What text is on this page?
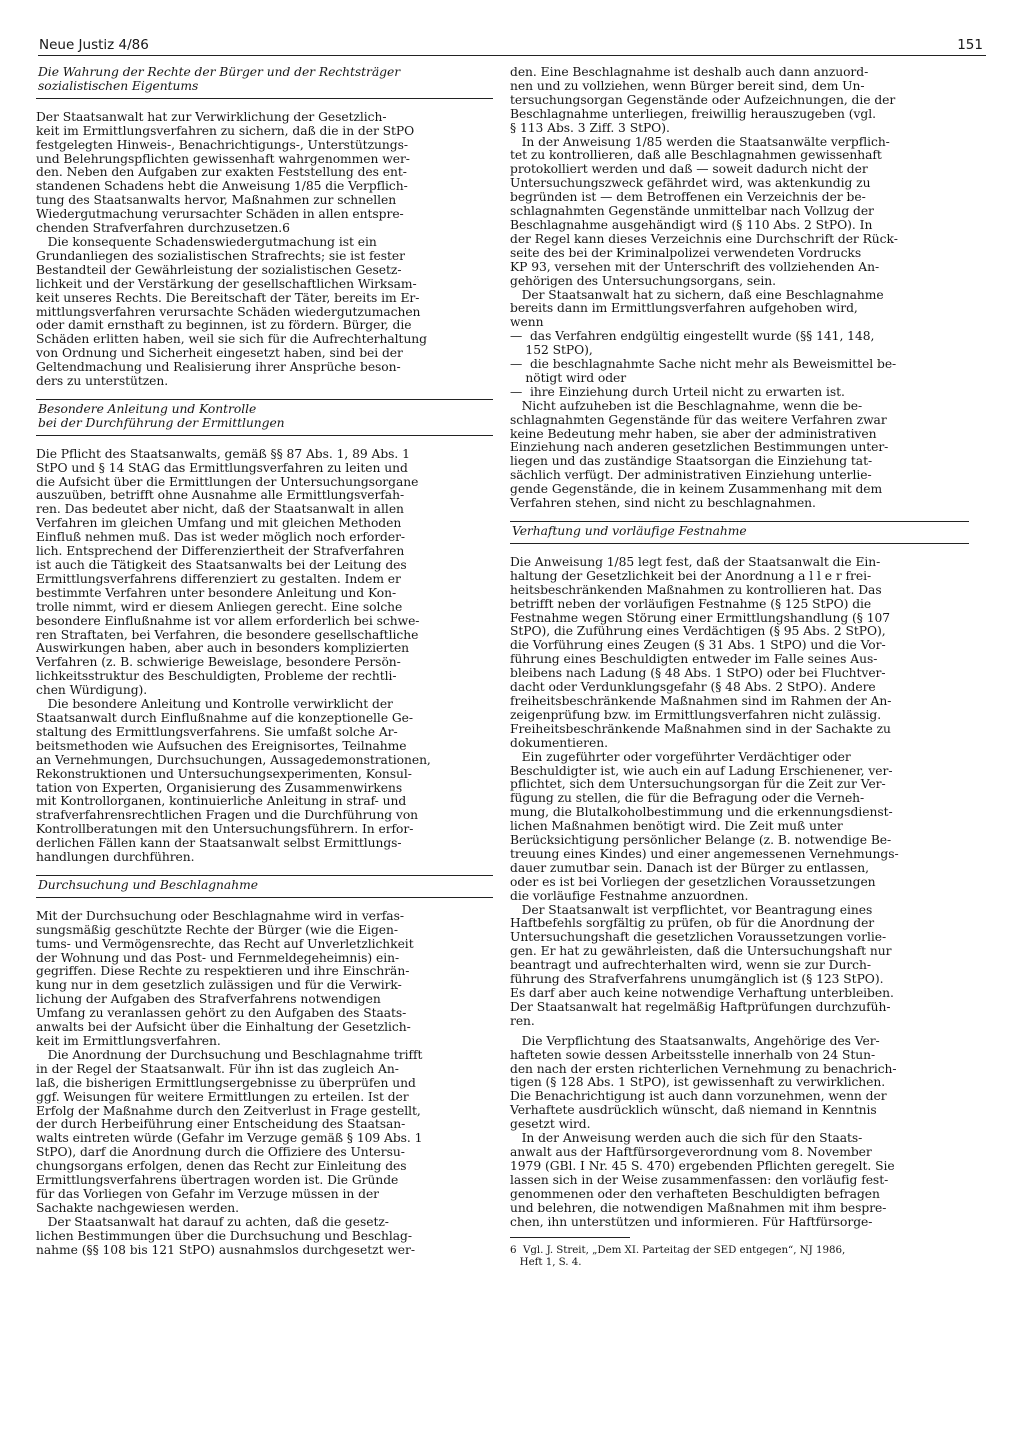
Neue Justiz 4/86	151
Die Wahrung der Rechte der Bürger und der Rechtsträger
sozialistischen Eigentums
Der Staatsanwalt hat zur Verwirklichung der Gesetzlich-
keit im Ermittlungsverfahren zu sichern, daß die in der StPO
festgelegten Hinweis-, Benachrichtigungs-, Unterstützungs-
und Belehrungspflichten gewissenhaft wahrgenommen wer-
den. Neben den Aufgaben zur exakten Feststellung des ent-
standenen Schadens hebt die Anweisung 1/85 die Verpflich-
tung des Staatsanwalts hervor, Maßnahmen zur schnellen
Wiedergutmachung verursachter Schäden in allen entspre-
chenden Strafverfahren durchzusetzen.6
Die konsequente Schadenswiedergutmachung ist ein
Grundanliegen des sozialistischen Strafrechts; sie ist fester
Bestandteil der Gewährleistung der sozialistischen Gesetz-
lichkeit und der Verstärkung der gesellschaftlichen Wirksam-
keit unseres Rechts. Die Bereitschaft der Täter, bereits im Er-
mittlungsverfahren verursachte Schäden wiedergutzumachen
oder damit ernsthaft zu beginnen, ist zu fördern. Bürger, die
Schäden erlitten haben, weil sie sich für die Aufrechterhaltung
von Ordnung und Sicherheit eingesetzt haben, sind bei der
Geltendmachung und Realisierung ihrer Ansprüche beson-
ders zu unterstützen.
Besondere Anleitung und Kontrolle
bei der Durchführung der Ermittlungen
Die Pflicht des Staatsanwalts, gemäß §§ 87 Abs. 1, 89 Abs. 1
StPO und § 14 StAG das Ermittlungsverfahren zu leiten und
die Aufsicht über die Ermittlungen der Untersuchungsorgane
auszuüben, betrifft ohne Ausnahme alle Ermittlungsverfah-
ren. Das bedeutet aber nicht, daß der Staatsanwalt in allen
Verfahren im gleichen Umfang und mit gleichen Methoden
Einfluß nehmen muß. Das ist weder möglich noch erforder-
lich. Entsprechend der Differenziertheit der Strafverfahren
ist auch die Tätigkeit des Staatsanwalts bei der Leitung des
Ermittlungsverfahrens differenziert zu gestalten. Indem er
bestimmte Verfahren unter besondere Anleitung und Kon-
trolle nimmt, wird er diesem Anliegen gerecht. Eine solche
besondere Einflußnahme ist vor allem erforderlich bei schwe-
ren Straftaten, bei Verfahren, die besondere gesellschaftliche
Auswirkungen haben, aber auch in besonders komplizierten
Verfahren (z. B. schwierige Beweislage, besondere Persön-
lichkeitsstruktur des Beschuldigten, Probleme der rechtli-
chen Würdigung).
Die besondere Anleitung und Kontrolle verwirklicht der
Staatsanwalt durch Einflußnahme auf die konzeptionelle Ge-
staltung des Ermittlungsverfahrens. Sie umfaßt solche Ar-
beitsmethoden wie Aufsuchen des Ereignisortes, Teilnahme
an Vernehmungen, Durchsuchungen, Aussagedemonstrationen,
Rekonstruktionen und Untersuchungsexperimenten, Konsul-
tation von Experten, Organisierung des Zusammenwirkens
mit Kontrollorganen, kontinuierliche Anleitung in straf- und
strafverfahrensrechtlichen Fragen und die Durchführung von
Kontrollberatungen mit den Untersuchungsführern. In erfor-
derlichen Fällen kann der Staatsanwalt selbst Ermittlungs-
handlungen durchführen.
Durchsuchung und Beschlagnahme
Mit der Durchsuchung oder Beschlagnahme wird in verfas-
sungsmäßig geschützte Rechte der Bürger (wie die Eigen-
tums- und Vermögensrechte, das Recht auf Unverletzlichkeit
der Wohnung und das Post- und Fernmeldegeheimnis) ein-
gegriffen. Diese Rechte zu respektieren und ihre Einschrän-
kung nur in dem gesetzlich zulässigen und für die Verwirk-
lichung der Aufgaben des Strafverfahrens notwendigen
Umfang zu veranlassen gehört zu den Aufgaben des Staats-
anwalts bei der Aufsicht über die Einhaltung der Gesetzlich-
keit im Ermittlungsverfahren.
Die Anordnung der Durchsuchung und Beschlagnahme trifft
in der Regel der Staatsanwalt. Für ihn ist das zugleich An-
laß, die bisherigen Ermittlungsergebnisse zu überprüfen und
ggf. Weisungen für weitere Ermittlungen zu erteilen. Ist der
Erfolg der Maßnahme durch den Zeitverlust in Frage gestellt,
der durch Herbeiführung einer Entscheidung des Staatsan-
walts eintreten würde (Gefahr im Verzuge gemäß § 109 Abs. 1
StPO), darf die Anordnung durch die Offiziere des Untersu-
chungsorgans erfolgen, denen das Recht zur Einleitung des
Ermittlungsverfahrens übertragen worden ist. Die Gründe
für das Vorliegen von Gefahr im Verzuge müssen in der
Sachakte nachgewiesen werden.
Der Staatsanwalt hat darauf zu achten, daß die gesetz-
lichen Bestimmungen über die Durchsuchung und Beschlag-
nahme (§§ 108 bis 121 StPO) ausnahmslos durchgesetzt wer-
den. Eine Beschlagnahme ist deshalb auch dann anzuord-
nen und zu vollziehen, wenn Bürger bereit sind, dem Un-
tersuchungsorgan Gegenstände oder Aufzeichnungen, die der
Beschlagnahme unterliegen, freiwillig herauszugeben (vgl.
§ 113 Abs. 3 Ziff. 3 StPO).
In der Anweisung 1/85 werden die Staatsanwälte verpflich-
tet zu kontrollieren, daß alle Beschlagnahmen gewissenhaft
protokolliert werden und daß — soweit dadurch nicht der
Untersuchungszweck gefährdet wird, was aktenkundig zu
begründen ist — dem Betroffenen ein Verzeichnis der be-
schlagnahmten Gegenstände unmittelbar nach Vollzug der
Beschlagnahme ausgehändigt wird (§ 110 Abs. 2 StPO). In
der Regel kann dieses Verzeichnis eine Durchschrift der Rück-
seite des bei der Kriminalpolizei verwendeten Vordrucks
KP 93, versehen mit der Unterschrift des vollziehenden An-
gehörigen des Untersuchungsorgans, sein.
Der Staatsanwalt hat zu sichern, daß eine Beschlagnahme
bereits dann im Ermittlungsverfahren aufgehoben wird,
wenn
—  das Verfahren endgültig eingestellt wurde (§§ 141, 148,
152 StPO),
—  die beschlagnahmte Sache nicht mehr als Beweismittel be-
nötigt wird oder
—  ihre Einziehung durch Urteil nicht zu erwarten ist.
Nicht aufzuheben ist die Beschlagnahme, wenn die be-
schlagnahmten Gegenstände für das weitere Verfahren zwar
keine Bedeutung mehr haben, sie aber der administrativen
Einziehung nach anderen gesetzlichen Bestimmungen unter-
liegen und das zuständige Staatsorgan die Einziehung tat-
sächlich verfügt. Der administrativen Einziehung unterlie-
gende Gegenstände, die in keinem Zusammenhang mit dem
Verfahren stehen, sind nicht zu beschlagnahmen.
Verhaftung und vorläufige Festnahme
Die Anweisung 1/85 legt fest, daß der Staatsanwalt die Ein-
haltung der Gesetzlichkeit bei der Anordnung a l l e r frei-
heitsbeschränkenden Maßnahmen zu kontrollieren hat. Das
betrifft neben der vorläufigen Festnahme (§ 125 StPO) die
Festnahme wegen Störung einer Ermittlungshandlung (§ 107
StPO), die Zuführung eines Verdächtigen (§ 95 Abs. 2 StPO),
die Vorführung eines Zeugen (§ 31 Abs. 1 StPO) und die Vor-
führung eines Beschuldigten entweder im Falle seines Aus-
bleibens nach Ladung (§ 48 Abs. 1 StPO) oder bei Fluchtver-
dacht oder Verdunklungsgefahr (§ 48 Abs. 2 StPO). Andere
freiheitsbeschränkende Maßnahmen sind im Rahmen der An-
zeigenprüfung bzw. im Ermittlungsverfahren nicht zulässig.
Freiheitsbeschränkende Maßnahmen sind in der Sachakte zu
dokumentieren.
Ein zugeführter oder vorgeführter Verdächtiger oder
Beschuldigter ist, wie auch ein auf Ladung Erschienener, ver-
pflichtet, sich dem Untersuchungsorgan für die Zeit zur Ver-
fügung zu stellen, die für die Befragung oder die Verneh-
mung, die Blutalkoholbestimmung und die erkennungsdienst-
lichen Maßnahmen benötigt wird. Die Zeit muß unter
Berücksichtigung persönlicher Belange (z. B. notwendige Be-
treuung eines Kindes) und einer angemessenen Vernehmungs-
dauer zumutbar sein. Danach ist der Bürger zu entlassen,
oder es ist bei Vorliegen der gesetzlichen Voraussetzungen
die vorläufige Festnahme anzuordnen.
Der Staatsanwalt ist verpflichtet, vor Beantragung eines
Haftbefehls sorgfältig zu prüfen, ob für die Anordnung der
Untersuchungshaft die gesetzlichen Voraussetzungen vorlie-
gen. Er hat zu gewährleisten, daß die Untersuchungshaft nur
beantragt und aufrechterhalten wird, wenn sie zur Durch-
führung des Strafverfahrens unumgänglich ist (§ 123 StPO).
Es darf aber auch keine notwendige Verhaftung unterbleiben.
Der Staatsanwalt hat regelmäßig Haftprüfungen durchzufüh-
ren.
Die Verpflichtung des Staatsanwalts, Angehörige des Ver-
hafteten sowie dessen Arbeitsstelle innerhalb von 24 Stun-
den nach der ersten richterlichen Vernehmung zu benachrich-
tigen (§ 128 Abs. 1 StPO), ist gewissenhaft zu verwirklichen.
Die Benachrichtigung ist auch dann vorzunehmen, wenn der
Verhaftete ausdrücklich wünscht, daß niemand in Kenntnis
gesetzt wird.
In der Anweisung werden auch die sich für den Staats-
anwalt aus der Haftfürsorgeverordnung vom 8. November
1979 (GBl. I Nr. 45 S. 470) ergebenden Pflichten geregelt. Sie
lassen sich in der Weise zusammenfassen: den vorläufig fest-
genommenen oder den verhafteten Beschuldigten befragen
und belehren, die notwendigen Maßnahmen mit ihm bespre-
chen, ihn unterstützen und informieren. Für Haftfürsorge-
6  Vgl. J. Streit, „Dem XI. Parteitag der SED entgegen“, NJ 1986,
Heft 1, S. 4.
